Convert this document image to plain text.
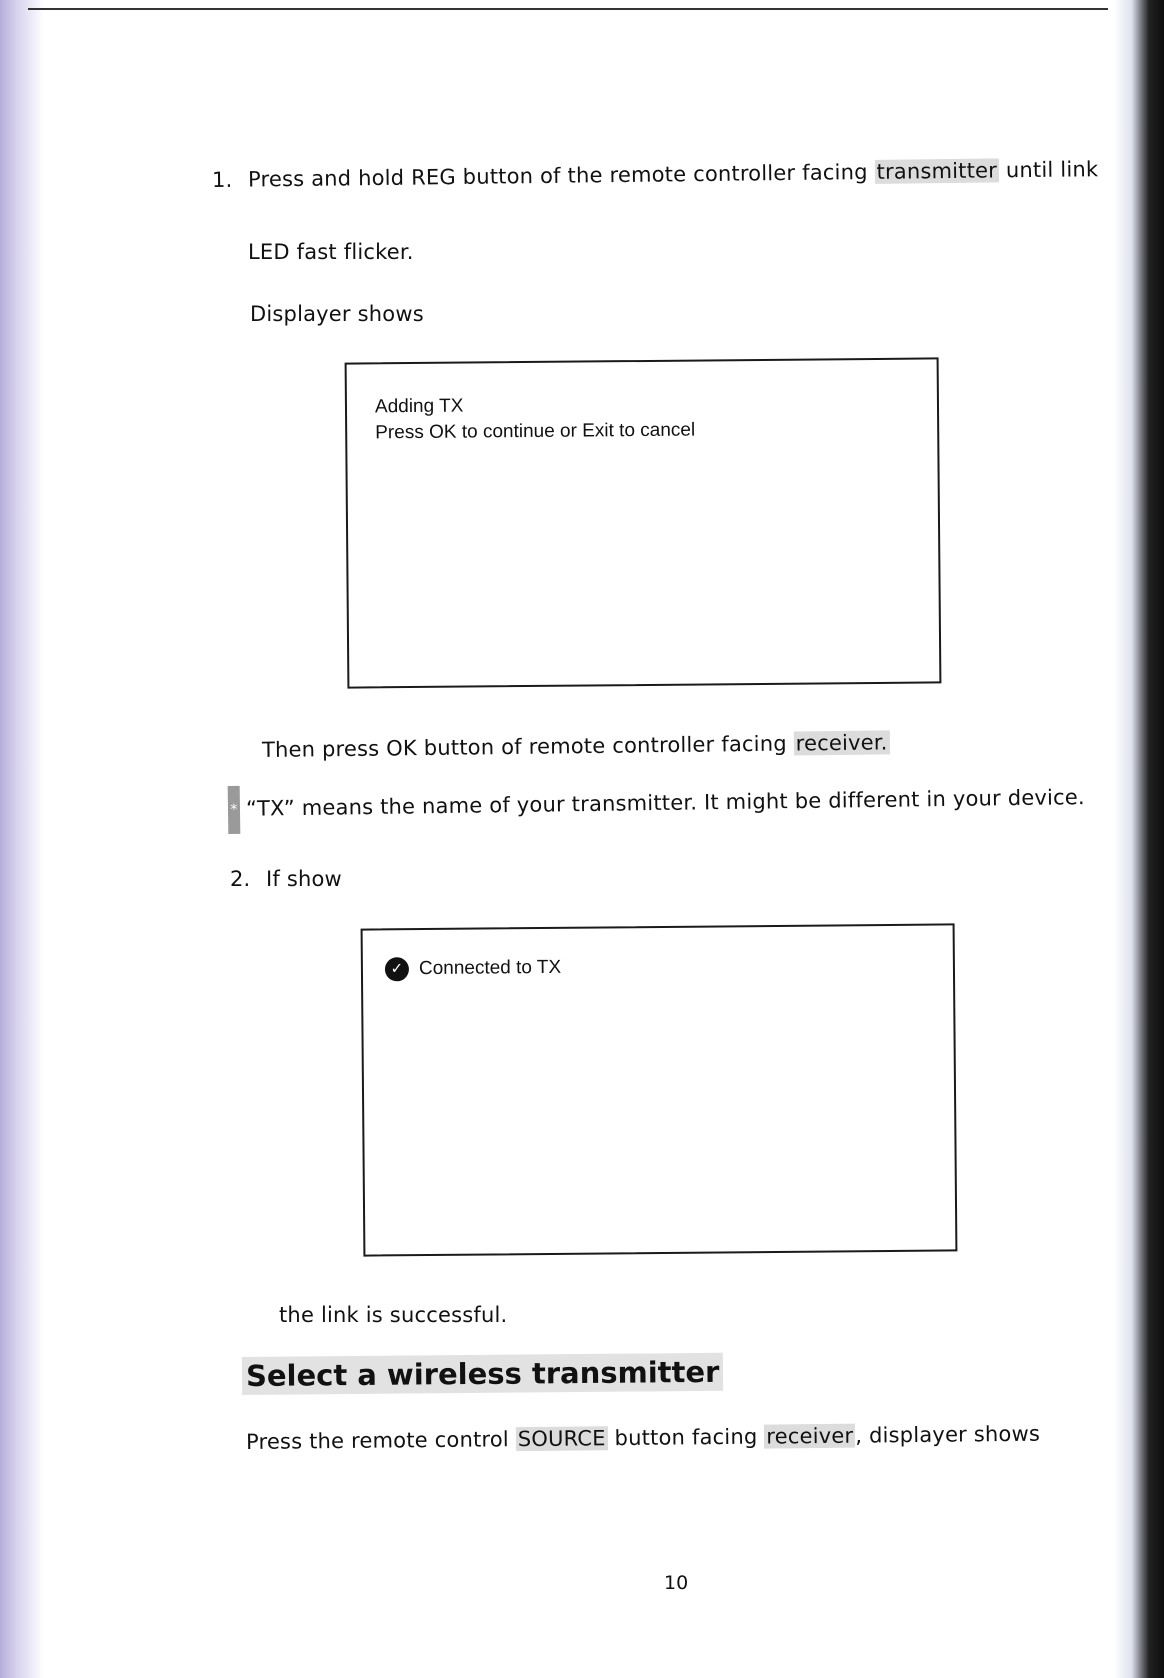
1. Press and hold REG button of the remote controller facing transmitter until link
LED fast flicker.
Displayer shows
Adding TX
Press OK to continue or Exit to cancel
Then press OK button of remote controller facing receiver.
* “TX” means the name of your transmitter. It might be different in your device.
2. If show
✓ Connected to TX
the link is successful.
Select a wireless transmitter
Press the remote control SOURCE button facing receiver, displayer shows
10
